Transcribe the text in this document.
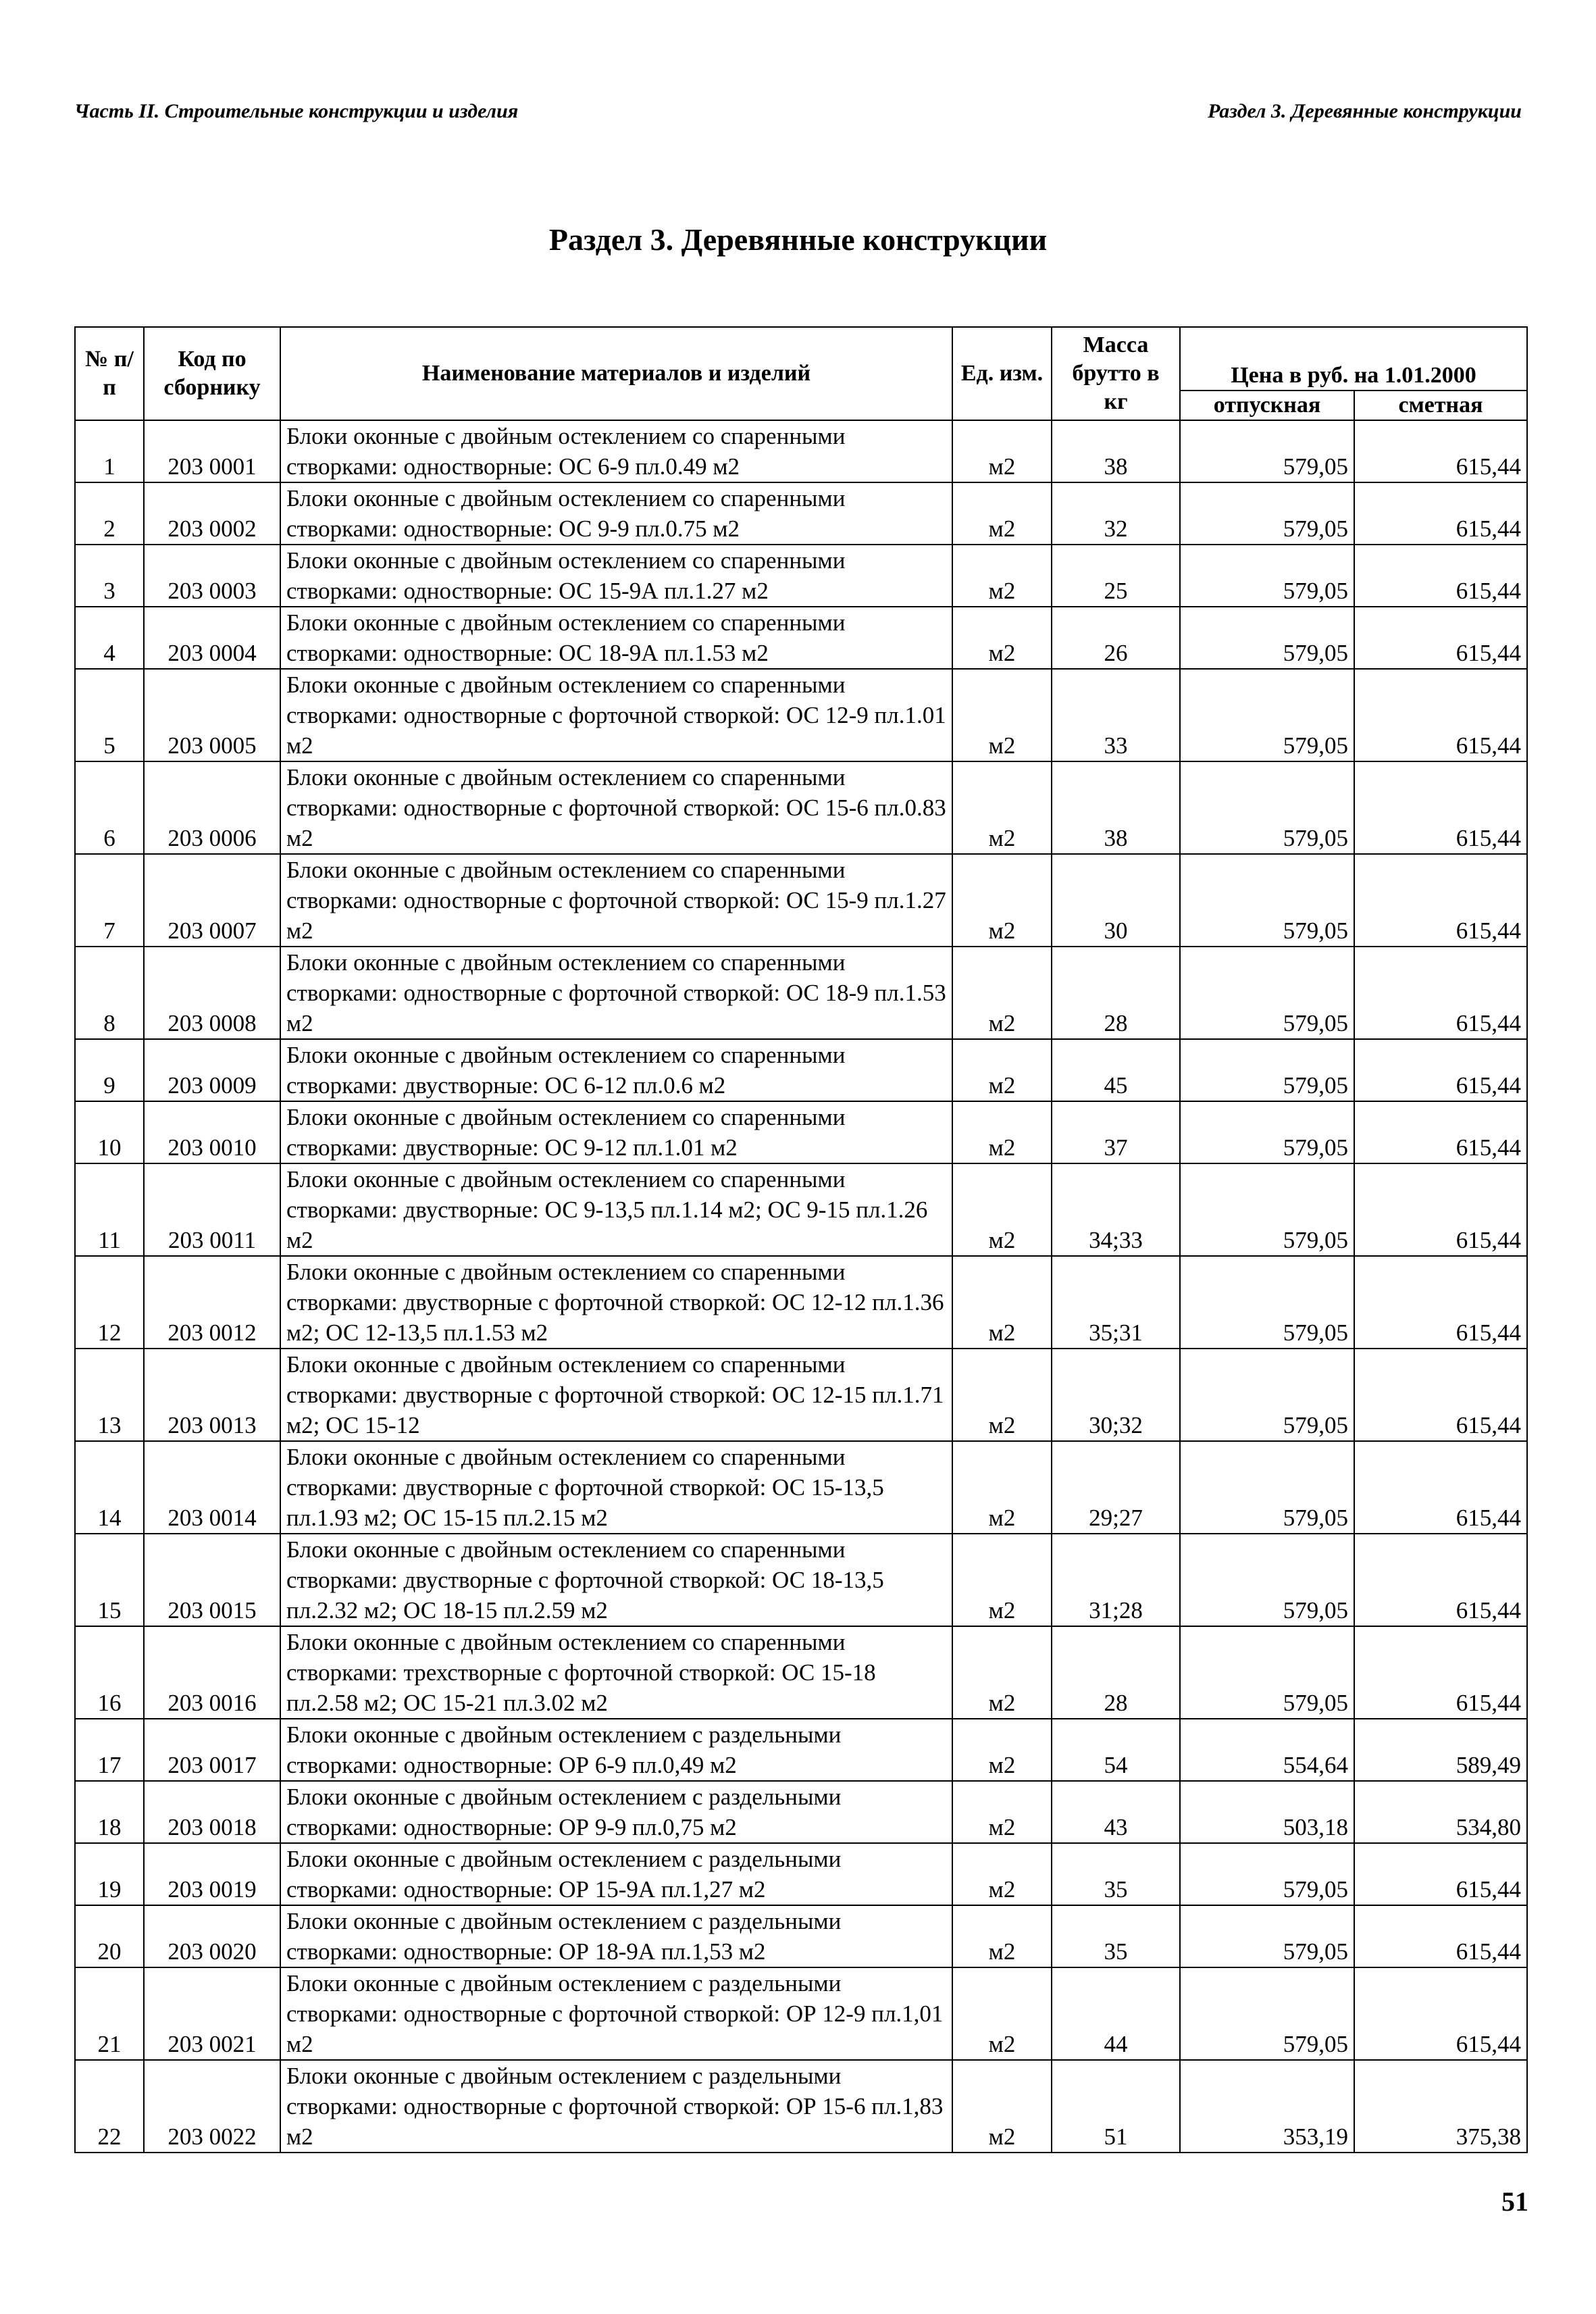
Часть II. Строительные конструкции и изделия	Раздел 3. Деревянные конструкции
Раздел 3. Деревянные конструкции
№ п/п	Код по сборнику	Наименование материалов и изделий	Ед. изм.	Масса брутто в кг	Цена в руб. на 1.01.2000	
					отпускная	сметная
1	203 0001	Блоки оконные с двойным остеклением со спаренными створками: одностворные: ОС 6-9 пл.0.49 м2	м2	38	579,05	615,44
2	203 0002	Блоки оконные с двойным остеклением со спаренными створками: одностворные: ОС 9-9 пл.0.75 м2	м2	32	579,05	615,44
3	203 0003	Блоки оконные с двойным остеклением со спаренными створками: одностворные: ОС 15-9А пл.1.27 м2	м2	25	579,05	615,44
4	203 0004	Блоки оконные с двойным остеклением со спаренными створками: одностворные: ОС 18-9А пл.1.53 м2	м2	26	579,05	615,44
5	203 0005	Блоки оконные с двойным остеклением со спаренными створками: одностворные с форточной створкой: ОС 12-9 пл.1.01 м2	м2	33	579,05	615,44
6	203 0006	Блоки оконные с двойным остеклением со спаренными створками: одностворные с форточной створкой: ОС 15-6 пл.0.83 м2	м2	38	579,05	615,44
7	203 0007	Блоки оконные с двойным остеклением со спаренными створками: одностворные с форточной створкой: ОС 15-9 пл.1.27 м2	м2	30	579,05	615,44
8	203 0008	Блоки оконные с двойным остеклением со спаренными створками: одностворные с форточной створкой: ОС 18-9 пл.1.53 м2	м2	28	579,05	615,44
9	203 0009	Блоки оконные с двойным остеклением со спаренными створками: двустворные: ОС 6-12 пл.0.6 м2	м2	45	579,05	615,44
10	203 0010	Блоки оконные с двойным остеклением со спаренными створками: двустворные: ОС 9-12 пл.1.01 м2	м2	37	579,05	615,44
11	203 0011	Блоки оконные с двойным остеклением со спаренными створками: двустворные: ОС 9-13,5 пл.1.14 м2; ОС 9-15 пл.1.26 м2	м2	34;33	579,05	615,44
12	203 0012	Блоки оконные с двойным остеклением со спаренными створками: двустворные с форточной створкой: ОС 12-12 пл.1.36 м2; ОС 12-13,5 пл.1.53 м2	м2	35;31	579,05	615,44
13	203 0013	Блоки оконные с двойным остеклением со спаренными створками: двустворные с форточной створкой: ОС 12-15 пл.1.71 м2; ОС 15-12	м2	30;32	579,05	615,44
14	203 0014	Блоки оконные с двойным остеклением со спаренными створками: двустворные с форточной створкой: ОС 15-13,5 пл.1.93 м2; ОС 15-15 пл.2.15 м2	м2	29;27	579,05	615,44
15	203 0015	Блоки оконные с двойным остеклением со спаренными створками: двустворные с форточной створкой: ОС 18-13,5 пл.2.32 м2; ОС 18-15 пл.2.59 м2	м2	31;28	579,05	615,44
16	203 0016	Блоки оконные с двойным остеклением со спаренными створками: трехстворные с форточной створкой: ОС 15-18 пл.2.58 м2; ОС 15-21 пл.3.02 м2	м2	28	579,05	615,44
17	203 0017	Блоки оконные с двойным остеклением с раздельными створками: одностворные: ОР 6-9 пл.0,49 м2	м2	54	554,64	589,49
18	203 0018	Блоки оконные с двойным остеклением с раздельными створками: одностворные: ОР 9-9 пл.0,75 м2	м2	43	503,18	534,80
19	203 0019	Блоки оконные с двойным остеклением с раздельными створками: одностворные: ОР 15-9А пл.1,27 м2	м2	35	579,05	615,44
20	203 0020	Блоки оконные с двойным остеклением с раздельными створками: одностворные: ОР 18-9А пл.1,53 м2	м2	35	579,05	615,44
21	203 0021	Блоки оконные с двойным остеклением с раздельными створками: одностворные с форточной створкой: ОР 12-9 пл.1,01 м2	м2	44	579,05	615,44
22	203 0022	Блоки оконные с двойным остеклением с раздельными створками: одностворные с форточной створкой: ОР 15-6 пл.1,83 м2	м2	51	353,19	375,38
51
